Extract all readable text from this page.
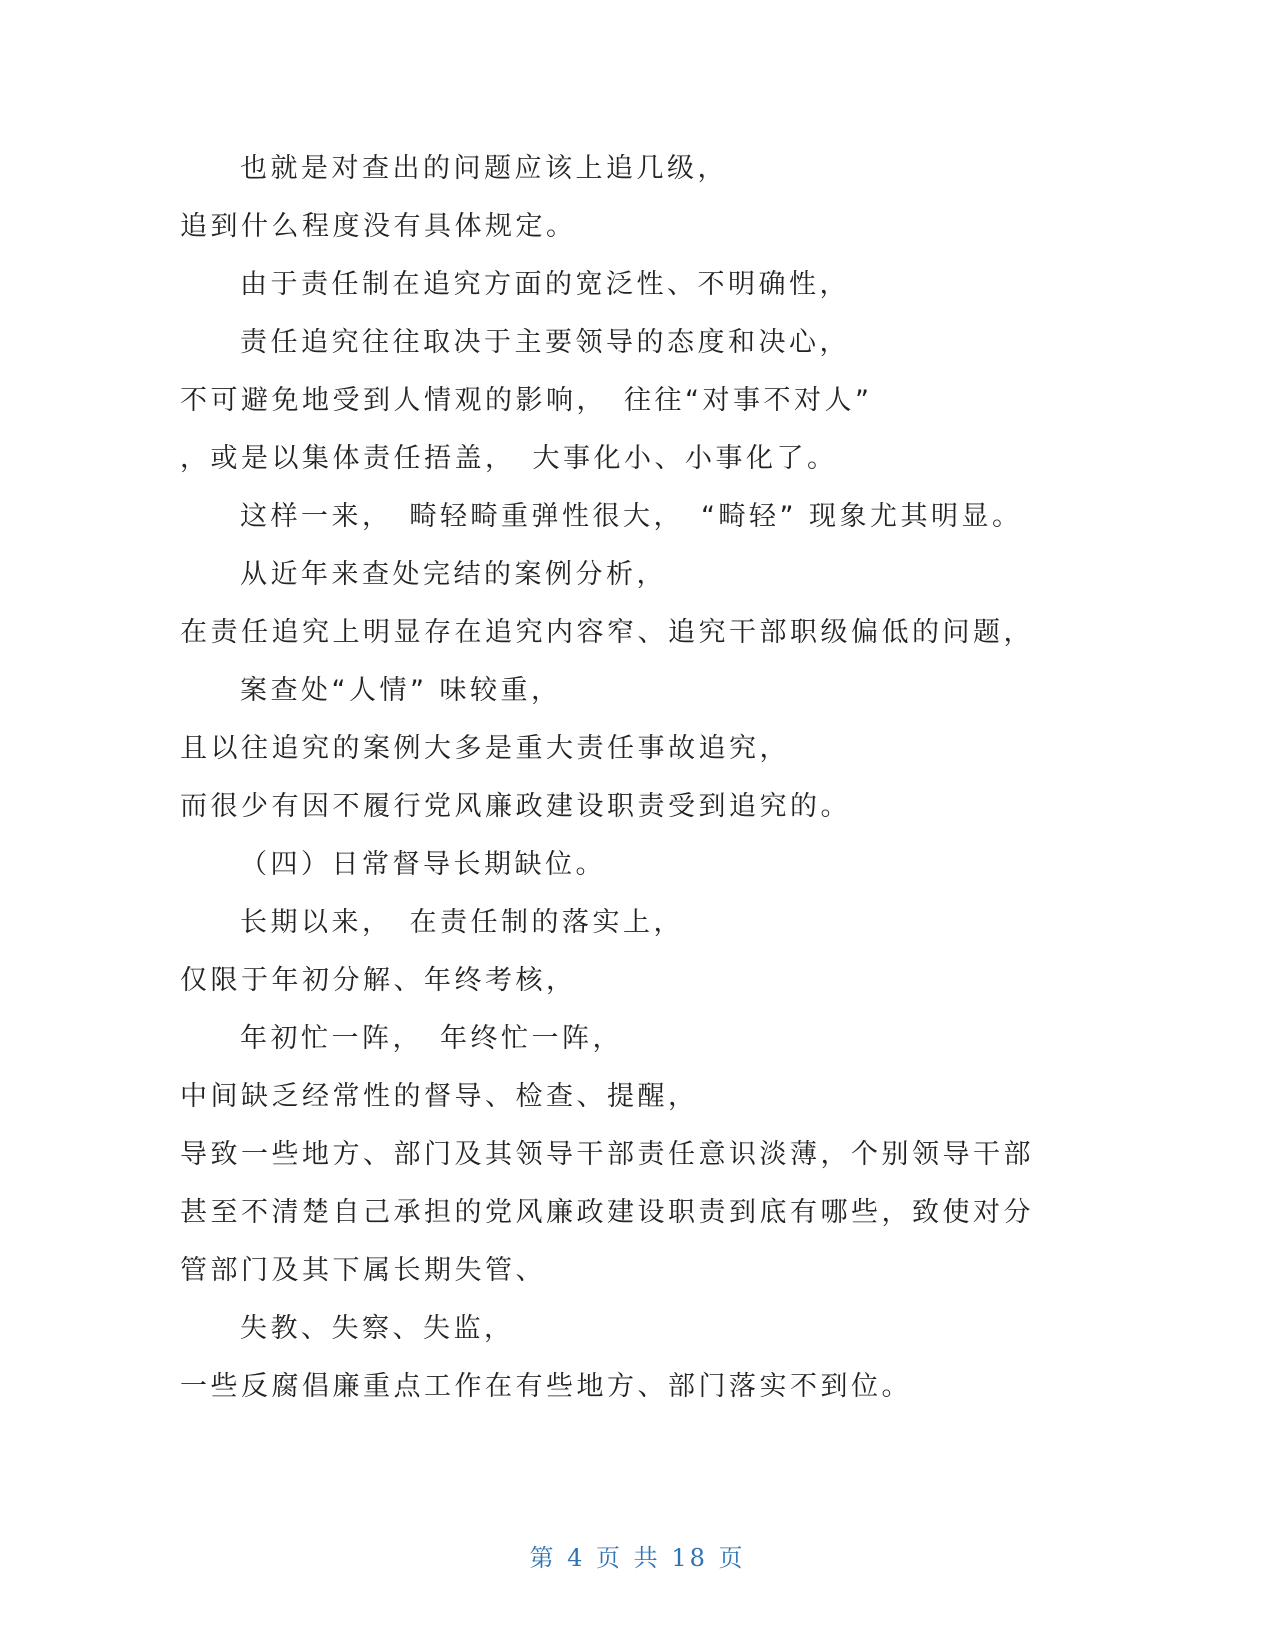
也就是对查出的问题应该上追几级，
追到什么程度没有具体规定。
由于责任制在追究方面的宽泛性、不明确性，
责任追究往往取决于主要领导的态度和决心，
不可避免地受到人情观的影响，　往往“对事不对人”
，或是以集体责任捂盖，　大事化小、小事化了。
这样一来，　畸轻畸重弹性很大，　“畸轻” 现象尤其明显。
从近年来查处完结的案例分析，
在责任追究上明显存在追究内容窄、追究干部职级偏低的问题，
案查处“人情” 味较重，
且以往追究的案例大多是重大责任事故追究，
而很少有因不履行党风廉政建设职责受到追究的。
（四）日常督导长期缺位。
长期以来，　在责任制的落实上，
仅限于年初分解、年终考核，
年初忙一阵，　年终忙一阵，
中间缺乏经常性的督导、检查、提醒，
导致一些地方、部门及其领导干部责任意识淡薄，个别领导干部
甚至不清楚自己承担的党风廉政建设职责到底有哪些，致使对分
管部门及其下属长期失管、
失教、失察、失监，
一些反腐倡廉重点工作在有些地方、部门落实不到位。
第 4 页 共 18 页
